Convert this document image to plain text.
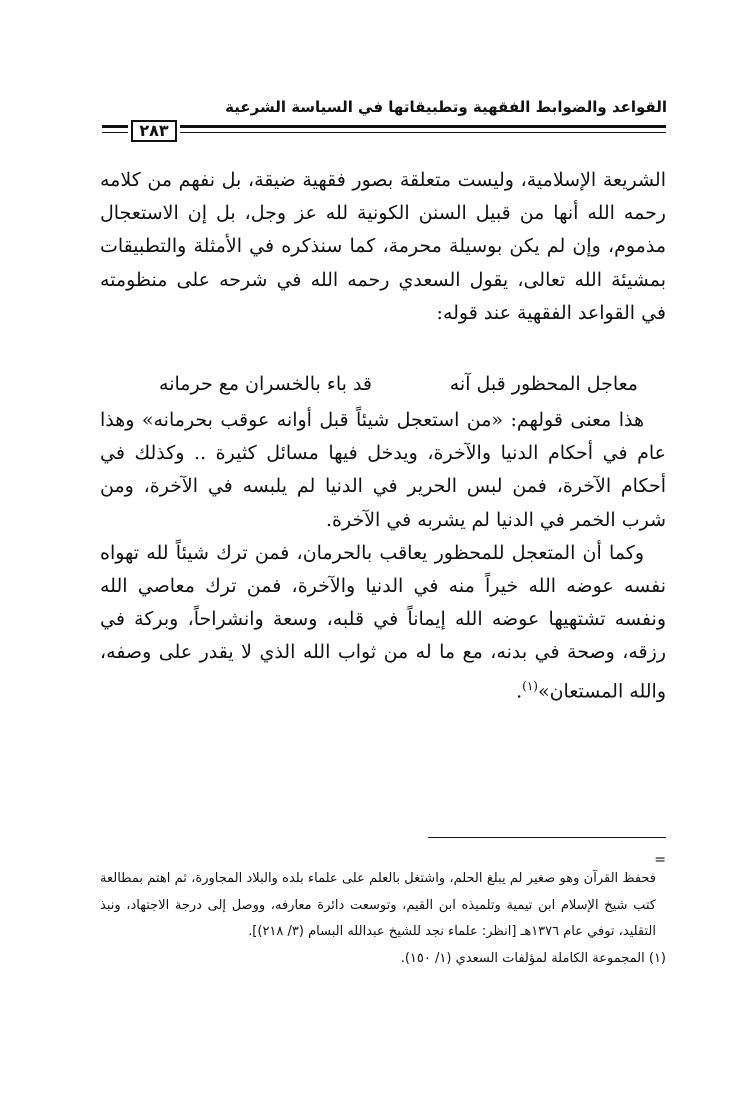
القواعد والضوابط الفقهية وتطبيقاتها في السياسة الشرعية
٢٨٣

الشريعة الإسلامية، وليست متعلقة بصور فقهية ضيقة، بل نفهم من كلامه رحمه الله أنها من قبيل السنن الكونية لله عز وجل، بل إن الاستعجال مذموم، وإن لم يكن بوسيلة محرمة، كما سنذكره في الأمثلة والتطبيقات بمشيئة الله تعالى، يقول السعدي رحمه الله في شرحه على منظومته في القواعد الفقهية عند قوله:

معاجل المحظور قبل آنه
قد باء بالخسران مع حرمانه

هذا معنى قولهم: «من استعجل شيئاً قبل أوانه عوقب بحرمانه» وهذا عام في أحكام الدنيا والآخرة، ويدخل فيها مسائل كثيرة .. وكذلك في أحكام الآخرة، فمن لبس الحرير في الدنيا لم يلبسه في الآخرة، ومن شرب الخمر في الدنيا لم يشربه في الآخرة.

وكما أن المتعجل للمحظور يعاقب بالحرمان، فمن ترك شيئاً لله تهواه نفسه عوضه الله خيراً منه في الدنيا والآخرة، فمن ترك معاصي الله ونفسه تشتهيها عوضه الله إيماناً في قلبه، وسعة وانشراحاً، وبركة في رزقه، وصحة في بدنه، مع ما له من ثواب الله الذي لا يقدر على وصفه، والله المستعان»$^{(١)}$.

=

فحفظ القرآن وهو صغير لم يبلغ الحلم، واشتغل بالعلم على علماء بلده والبلاد المجاورة، ثم اهتم بمطالعة كتب شيخ الإسلام ابن تيمية وتلميذه ابن القيم، وتوسعت دائرة معارفه، ووصل إلى درجة الاجتهاد، ونبذ التقليد، توفي عام ١٣٧٦هـ [انظر: علماء نجد للشيخ عبدالله البسام (٣/ ٢١٨)].

(١) المجموعة الكاملة لمؤلفات السعدي (١/ ١٥٠).
